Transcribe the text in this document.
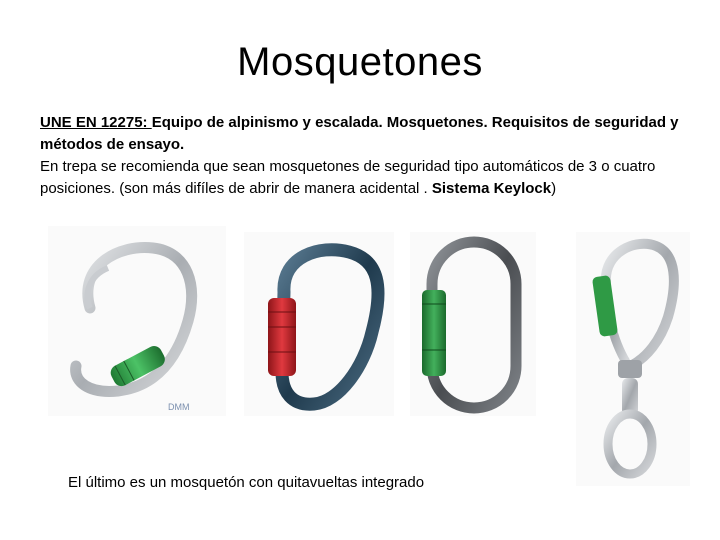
Mosquetones
UNE EN 12275: Equipo de alpinismo y escalada. Mosquetones. Requisitos de seguridad y métodos de ensayo.
En trepa se recomienda que sean mosquetones de seguridad tipo automáticos de 3 o cuatro posiciones. (son más difíles de abrir de manera acidental . Sistema Keylock)
DMM
El último es un mosquetón con quitavueltas integrado
